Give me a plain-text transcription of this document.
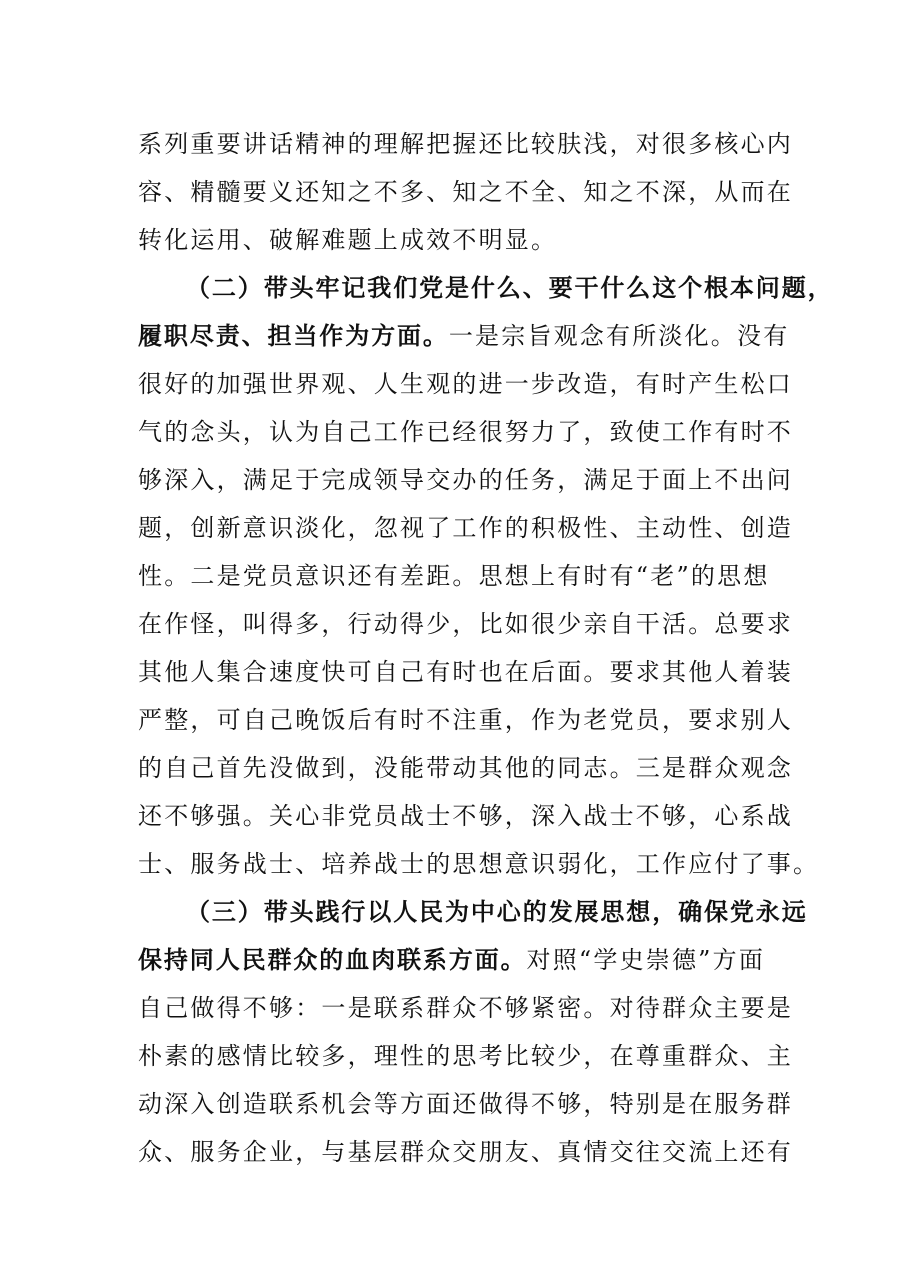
系列重要讲话精神的理解把握还比较肤浅，对很多核心内
容、精髓要义还知之不多、知之不全、知之不深，从而在
转化运用、破解难题上成效不明显。
（二）带头牢记我们党是什么、要干什么这个根本问题，
履职尽责、担当作为方面。一是宗旨观念有所淡化。没有
很好的加强世界观、人生观的进一步改造，有时产生松口
气的念头，认为自己工作已经很努力了，致使工作有时不
够深入，满足于完成领导交办的任务，满足于面上不出问
题，创新意识淡化，忽视了工作的积极性、主动性、创造
性。二是党员意识还有差距。思想上有时有“老”的思想
在作怪，叫得多，行动得少，比如很少亲自干活。总要求
其他人集合速度快可自己有时也在后面。要求其他人着装
严整，可自己晚饭后有时不注重，作为老党员，要求别人
的自己首先没做到，没能带动其他的同志。三是群众观念
还不够强。关心非党员战士不够，深入战士不够，心系战
士、服务战士、培养战士的思想意识弱化，工作应付了事。
（三）带头践行以人民为中心的发展思想，确保党永远
保持同人民群众的血肉联系方面。对照“学史崇德”方面
自己做得不够：一是联系群众不够紧密。对待群众主要是
朴素的感情比较多，理性的思考比较少，在尊重群众、主
动深入创造联系机会等方面还做得不够，特别是在服务群
众、服务企业，与基层群众交朋友、真情交往交流上还有
